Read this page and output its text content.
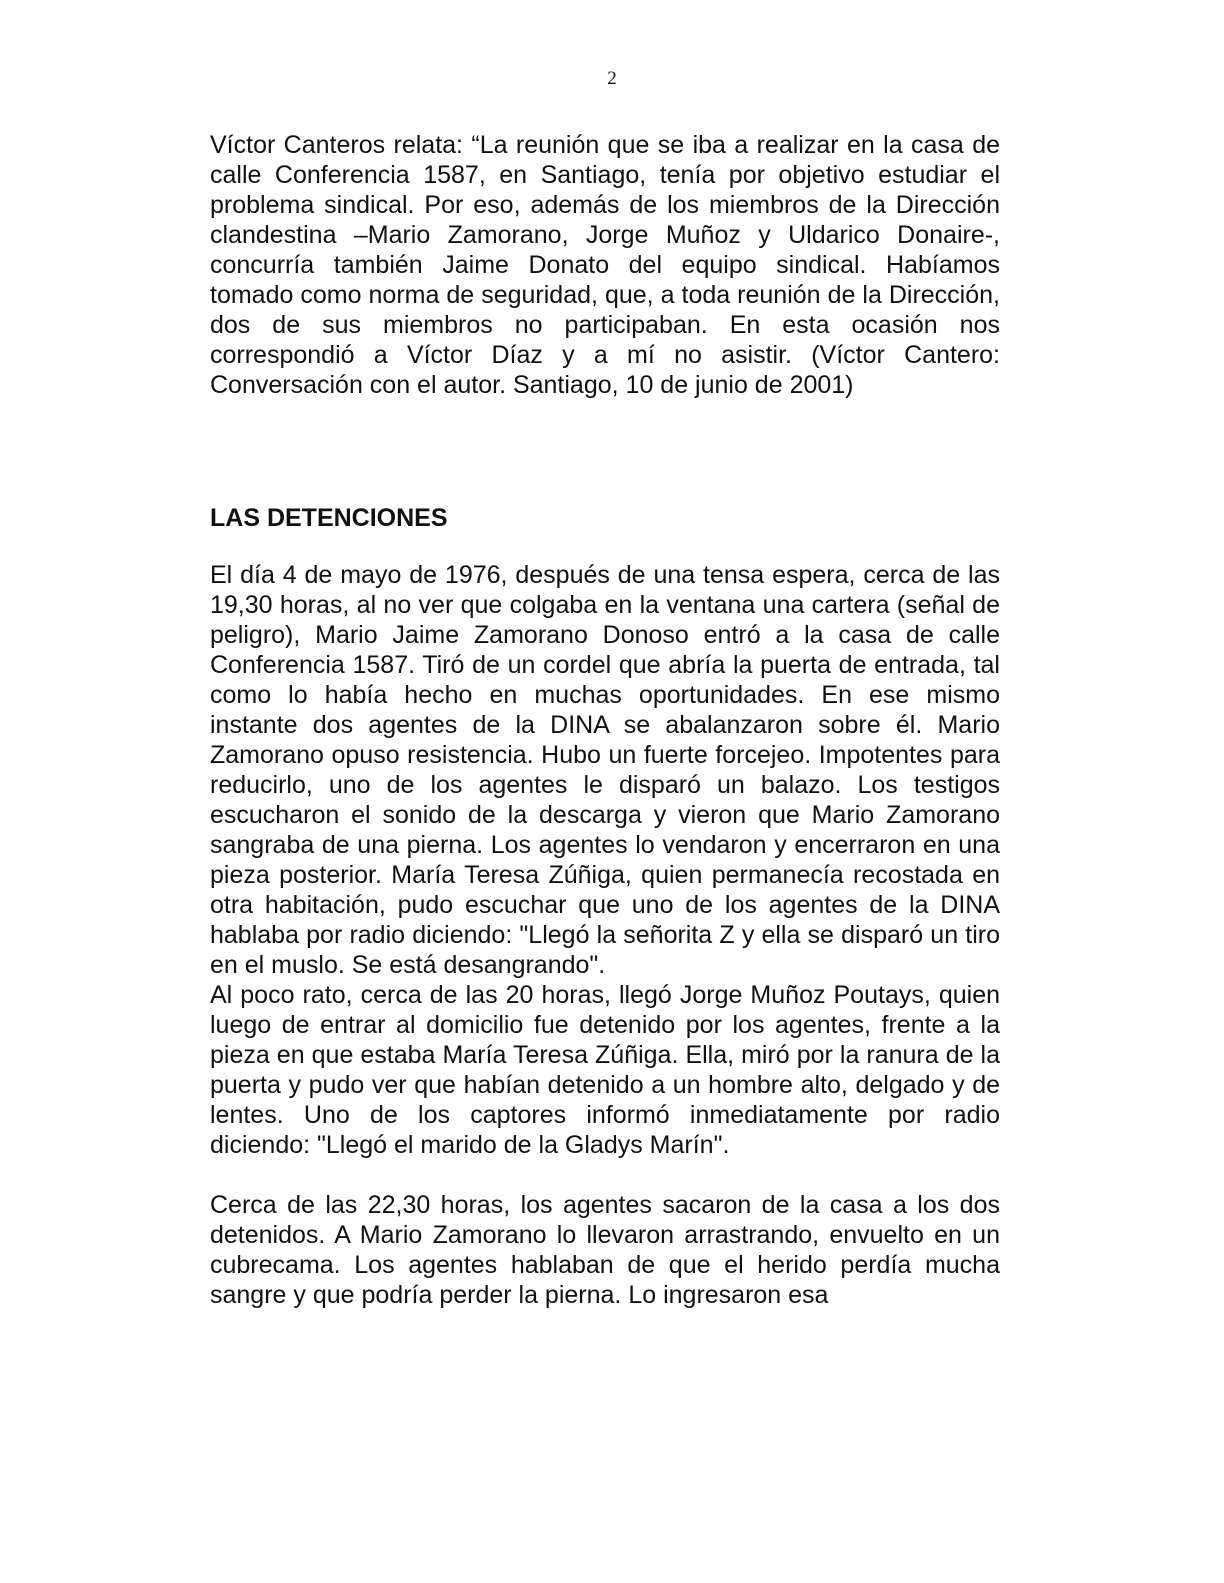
2

Víctor Canteros relata: “La reunión que se iba a realizar en la casa de calle Conferencia 1587, en Santiago, tenía por objetivo estudiar el problema sindical. Por eso, además de los miembros de la Dirección clandestina –Mario Zamorano, Jorge Muñoz y Uldarico Donaire-, concurría también Jaime Donato del equipo sindical. Habíamos tomado como norma de seguridad, que, a toda reunión de la Dirección, dos de sus miembros no participaban. En esta ocasión nos correspondió a Víctor Díaz y a mí no asistir. (Víctor Cantero: Conversación con el autor. Santiago, 10 de junio de 2001)

LAS DETENCIONES

El día 4 de mayo de 1976, después de una tensa espera, cerca de las 19,30 horas, al no ver que colgaba en la ventana una cartera (señal de peligro), Mario Jaime Zamorano Donoso entró a la casa de calle Conferencia 1587. Tiró de un cordel que abría la puerta de entrada, tal como lo había hecho en muchas oportunidades. En ese mismo instante dos agentes de la DINA se abalanzaron sobre él. Mario Zamorano opuso resistencia. Hubo un fuerte forcejeo. Impotentes para reducirlo, uno de los agentes le disparó un balazo. Los testigos escucharon el sonido de la descarga y vieron que Mario Zamorano sangraba de una pierna. Los agentes lo vendaron y encerraron en una pieza posterior. María Teresa Zúñiga, quien permanecía recostada en otra habitación, pudo escuchar que uno de los agentes de la DINA hablaba por radio diciendo: "Llegó la señorita Z y ella se disparó un tiro en el muslo. Se está desangrando".

Al poco rato, cerca de las 20 horas, llegó Jorge Muñoz Poutays, quien luego de entrar al domicilio fue detenido por los agentes, frente a la pieza en que estaba María Teresa Zúñiga. Ella, miró por la ranura de la puerta y pudo ver que habían detenido a un hombre alto, delgado y de lentes. Uno de los captores informó inmediatamente por radio diciendo: "Llegó el marido de la Gladys Marín".

Cerca de las 22,30 horas, los agentes sacaron de la casa a los dos detenidos. A Mario Zamorano lo llevaron arrastrando, envuelto en un cubrecama. Los agentes hablaban de que el herido perdía mucha sangre y que podría perder la pierna. Lo ingresaron esa
